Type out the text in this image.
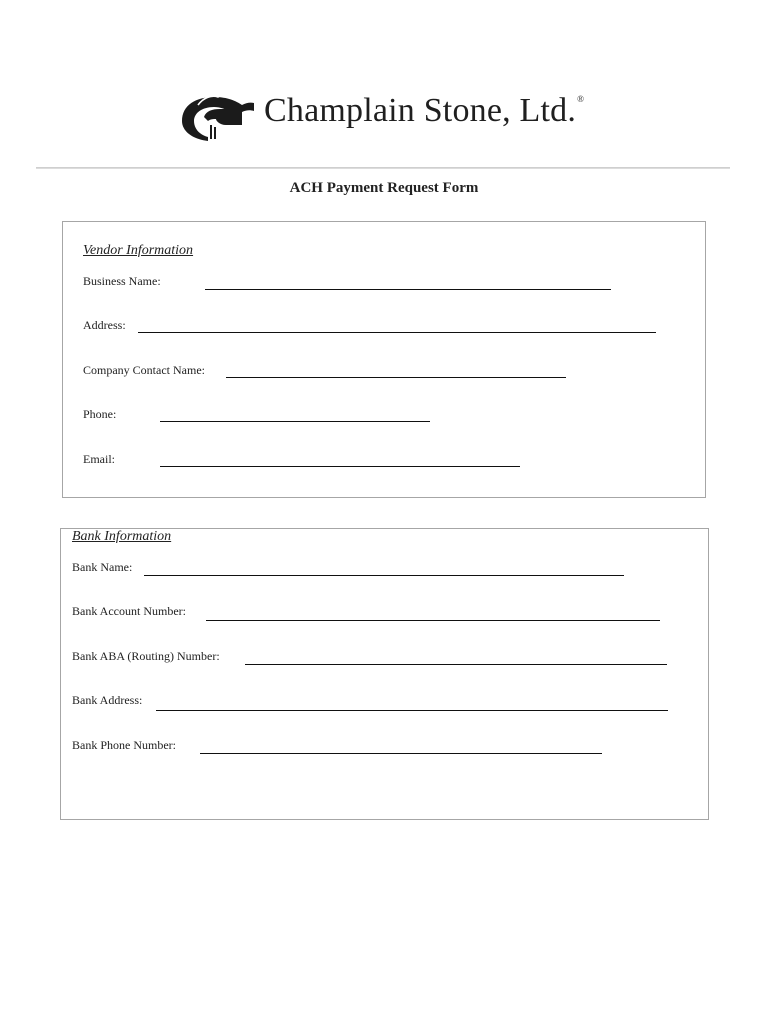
Champlain Stone, Ltd.®
ACH Payment Request Form
Vendor Information
Business Name:
Address:
Company Contact Name:
Phone:
Email:
Bank Information
Bank Name:
Bank Account Number:
Bank ABA (Routing) Number:
Bank Address:
Bank Phone Number:
